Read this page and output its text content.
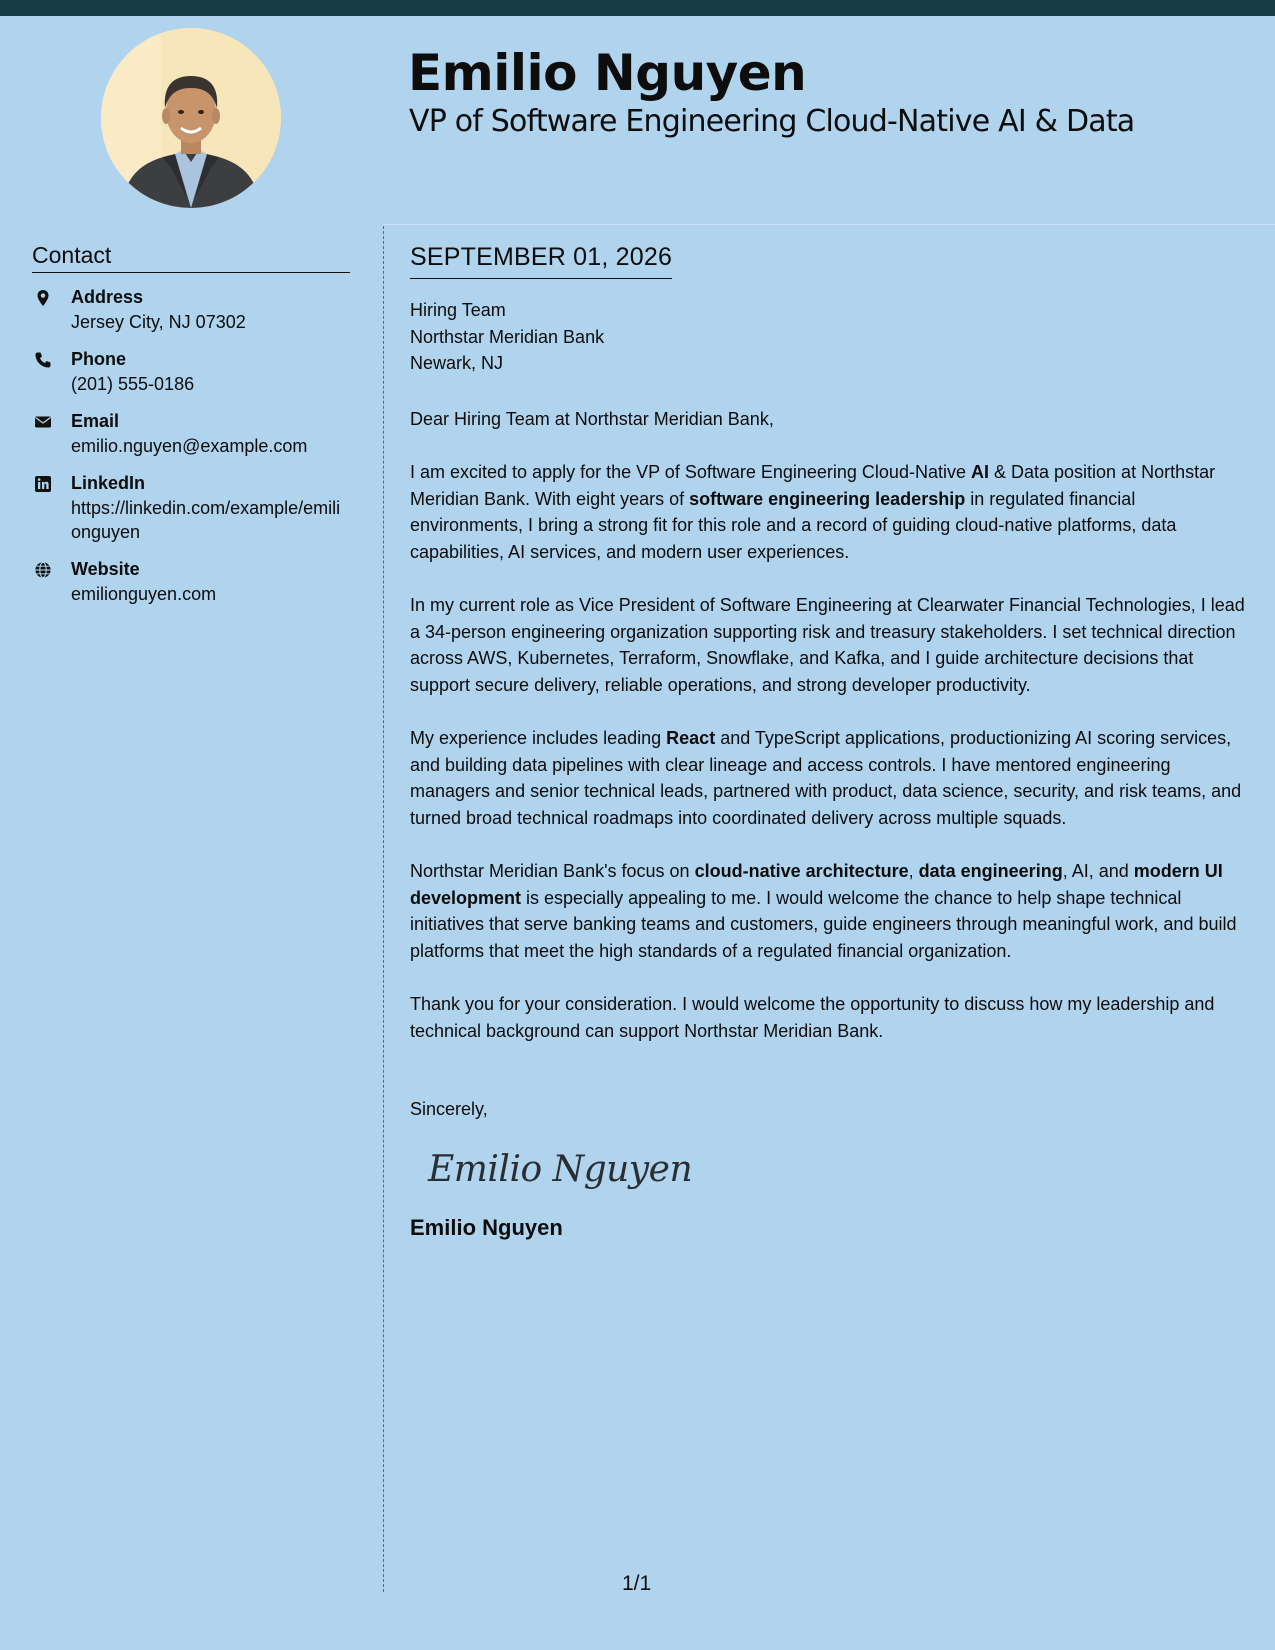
Emilio Nguyen
VP of Software Engineering Cloud-Native AI & Data
Contact
Address
Jersey City, NJ 07302
Phone
(201) 555-0186
Email
emilio.nguyen@example.com
LinkedIn
https://linkedin.com/example/emilionguyen
Website
emilionguyen.com
SEPTEMBER 01, 2026
Hiring Team
Northstar Meridian Bank
Newark, NJ
Dear Hiring Team at Northstar Meridian Bank,

I am excited to apply for the VP of Software Engineering Cloud-Native AI & Data position at Northstar Meridian Bank. With eight years of software engineering leadership in regulated financial environments, I bring a strong fit for this role and a record of guiding cloud-native platforms, data capabilities, AI services, and modern user experiences.

In my current role as Vice President of Software Engineering at Clearwater Financial Technologies, I lead a 34-person engineering organization supporting risk and treasury stakeholders. I set technical direction across AWS, Kubernetes, Terraform, Snowflake, and Kafka, and I guide architecture decisions that support secure delivery, reliable operations, and strong developer productivity.

My experience includes leading React and TypeScript applications, productionizing AI scoring services, and building data pipelines with clear lineage and access controls. I have mentored engineering managers and senior technical leads, partnered with product, data science, security, and risk teams, and turned broad technical roadmaps into coordinated delivery across multiple squads.

Northstar Meridian Bank's focus on cloud-native architecture, data engineering, AI, and modern UI development is especially appealing to me. I would welcome the chance to help shape technical initiatives that serve banking teams and customers, guide engineers through meaningful work, and build platforms that meet the high standards of a regulated financial organization.

Thank you for your consideration. I would welcome the opportunity to discuss how my leadership and technical background can support Northstar Meridian Bank.

Sincerely,
Emilio Nguyen
Emilio Nguyen
1/1
